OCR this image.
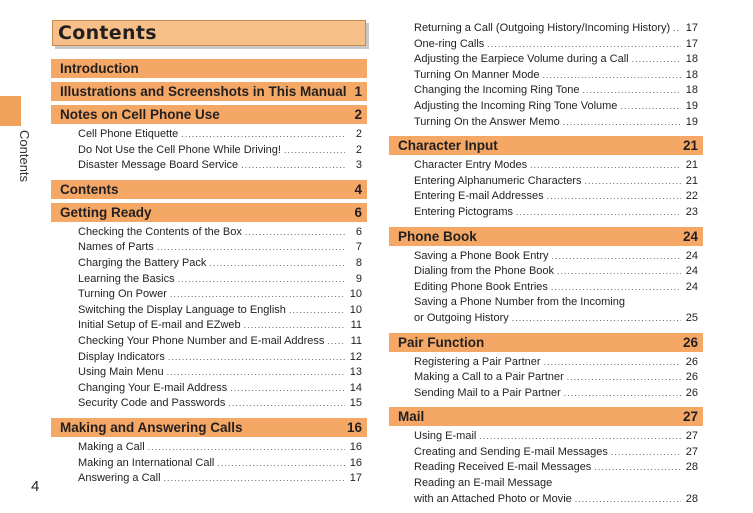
Contents
4
Contents
Introduction
Illustrations and Screenshots in This Manual 1
Notes on Cell Phone Use	2
Cell Phone Etiquette .....	2
Do Not Use the Cell Phone While Driving! .....	2
Disaster Message Board Service .....	3
Contents	4
Getting Ready	6
Checking the Contents of the Box .....	6
Names of Parts .....	7
Charging the Battery Pack .....	8
Learning the Basics .....	9
Turning On Power .....	10
Switching the Display Language to English .....	10
Initial Setup of E-mail and EZweb .....	11
Checking Your Phone Number and E-mail Address ..... 11
Display Indicators .....	12
Using Main Menu .....	13
Changing Your E-mail Address .....	14
Security Code and Passwords .....	15
Making and Answering Calls	16
Making a Call .....	16
Making an International Call .....	16
Answering a Call .....	17
Returning a Call (Outgoing History/Incoming History) ..... 17
One-ring Calls .....	17
Adjusting the Earpiece Volume during a Call .....	18
Turning On Manner Mode .....	18
Changing the Incoming Ring Tone .....	18
Adjusting the Incoming Ring Tone Volume .....	19
Turning On the Answer Memo .....	19
Character Input	21
Character Entry Modes .....	21
Entering Alphanumeric Characters .....	21
Entering E-mail Addresses .....	22
Entering Pictograms .....	23
Phone Book	24
Saving a Phone Book Entry .....	24
Dialing from the Phone Book .....	24
Editing Phone Book Entries .....	24
Saving a Phone Number from the Incoming
or Outgoing History .....	25
Pair Function	26
Registering a Pair Partner .....	26
Making a Call to a Pair Partner .....	26
Sending Mail to a Pair Partner .....	26
Mail	27
Using E-mail .....	27
Creating and Sending E-mail Messages .....	27
Reading Received E-mail Messages .....	28
Reading an E-mail Message
with an Attached Photo or Movie .....	28
